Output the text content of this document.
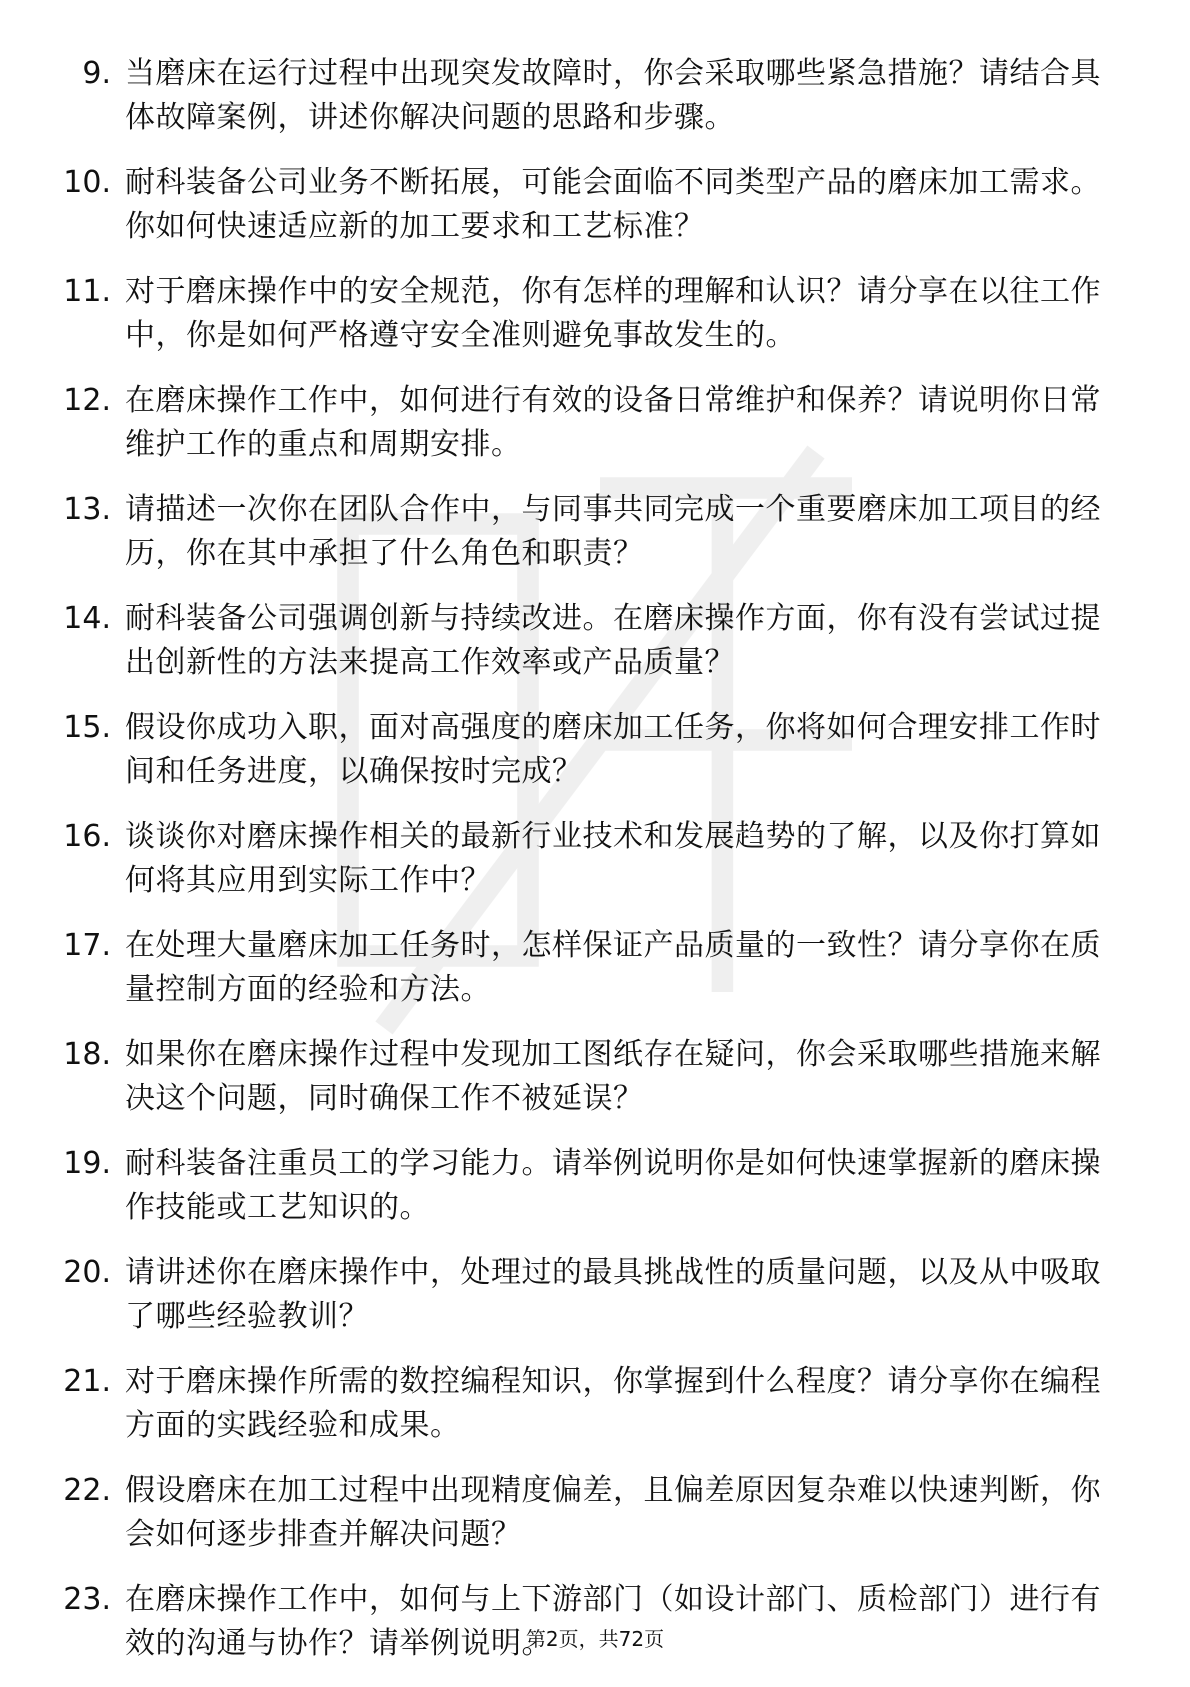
9. 当磨床在运行过程中出现突发故障时，你会采取哪些紧急措施？请结合具体故障案例，讲述你解决问题的思路和步骤。
10. 耐科装备公司业务不断拓展，可能会面临不同类型产品的磨床加工需求。你如何快速适应新的加工要求和工艺标准？
11. 对于磨床操作中的安全规范，你有怎样的理解和认识？请分享在以往工作中，你是如何严格遵守安全准则避免事故发生的。
12. 在磨床操作工作中，如何进行有效的设备日常维护和保养？请说明你日常维护工作的重点和周期安排。
13. 请描述一次你在团队合作中，与同事共同完成一个重要磨床加工项目的经历，你在其中承担了什么角色和职责？
14. 耐科装备公司强调创新与持续改进。在磨床操作方面，你有没有尝试过提出创新性的方法来提高工作效率或产品质量？
15. 假设你成功入职，面对高强度的磨床加工任务，你将如何合理安排工作时间和任务进度，以确保按时完成？
16. 谈谈你对磨床操作相关的最新行业技术和发展趋势的了解，以及你打算如何将其应用到实际工作中？
17. 在处理大量磨床加工任务时，怎样保证产品质量的一致性？请分享你在质量控制方面的经验和方法。
18. 如果你在磨床操作过程中发现加工图纸存在疑问，你会采取哪些措施来解决这个问题，同时确保工作不被延误？
19. 耐科装备注重员工的学习能力。请举例说明你是如何快速掌握新的磨床操作技能或工艺知识的。
20. 请讲述你在磨床操作中，处理过的最具挑战性的质量问题，以及从中吸取了哪些经验教训？
21. 对于磨床操作所需的数控编程知识，你掌握到什么程度？请分享你在编程方面的实践经验和成果。
22. 假设磨床在加工过程中出现精度偏差，且偏差原因复杂难以快速判断，你会如何逐步排查并解决问题？
23. 在磨床操作工作中，如何与上下游部门（如设计部门、质检部门）进行有效的沟通与协作？请举例说明。
第2页，共72页
